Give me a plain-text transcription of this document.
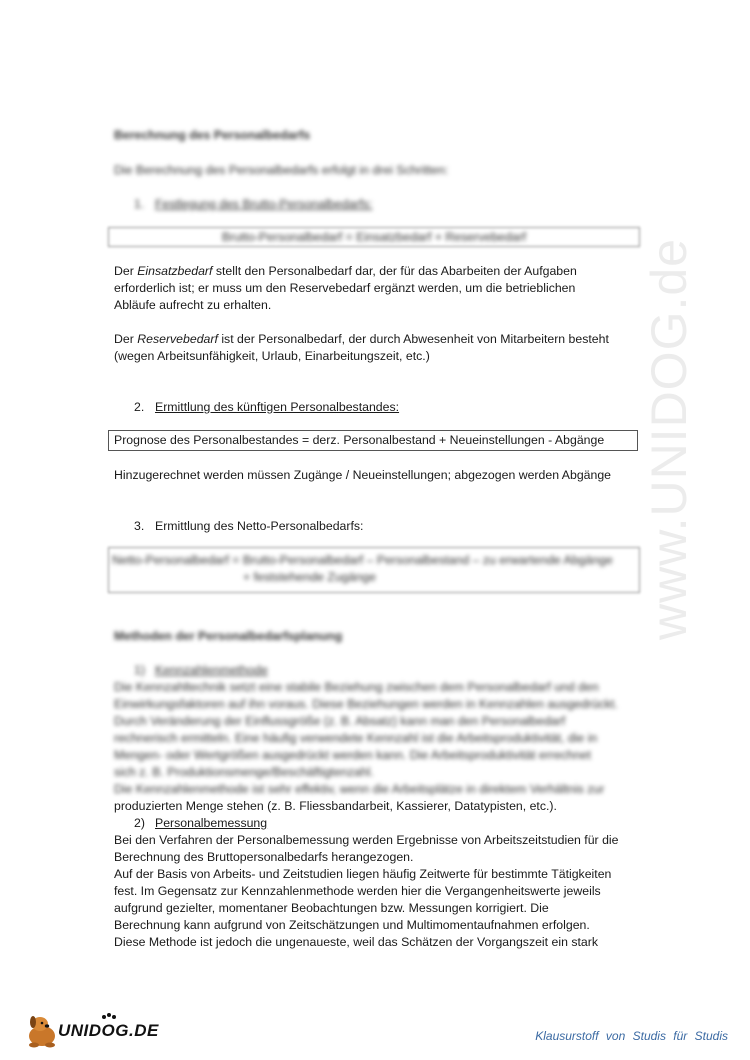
www.UNIDOG.de
Berechnung des Personalbedarfs
Die Berechnung des Personalbedarfs erfolgt in drei Schritten:
1. Festlegung des Brutto-Personalbedarfs:
Brutto-Personalbedarf = Einsatzbedarf + Reservebedarf
Der Einsatzbedarf stellt den Personalbedarf dar, der für das Abarbeiten der Aufgaben
erforderlich ist; er muss um den Reservebedarf ergänzt werden, um die betrieblichen
Abläufe aufrecht zu erhalten.
Der Reservebedarf ist der Personalbedarf, der durch Abwesenheit von Mitarbeitern besteht
(wegen Arbeitsunfähigkeit, Urlaub, Einarbeitungszeit, etc.)
2. Ermittlung des künftigen Personalbestandes:
Prognose des Personalbestandes = derz. Personalbestand + Neueinstellungen - Abgänge
Hinzugerechnet werden müssen Zugänge / Neueinstellungen; abgezogen werden Abgänge
3. Ermittlung des Netto-Personalbedarfs:
Netto-Personalbedarf = Brutto-Personalbedarf – Personalbestand – zu erwartende Abgänge
+ feststehende Zugänge
Methoden der Personalbedarfsplanung
1) Kennzahlenmethode
Die Kennzahltechnik setzt eine stabile Beziehung zwischen dem Personalbedarf und den
Einwirkungsfaktoren auf ihn voraus. Diese Beziehungen werden in Kennzahlen ausgedrückt.
Durch Veränderung der Einflussgröße (z. B. Absatz) kann man den Personalbedarf
rechnerisch ermitteln. Eine häufig verwendete Kennzahl ist die Arbeitsproduktivität, die in
Mengen- oder Wertgrößen ausgedrückt werden kann. Die Arbeitsproduktivität errechnet
sich z. B. Produktionsmenge/Beschäftigtenzahl.
Die Kennzahlenmethode ist sehr effektiv, wenn die Arbeitsplätze in direktem Verhältnis zur
produzierten Menge stehen (z. B. Fliessbandarbeit, Kassierer, Datatypisten, etc.).
2) Personalbemessung
Bei den Verfahren der Personalbemessung werden Ergebnisse von Arbeitszeitstudien für die
Berechnung des Bruttopersonalbedarfs herangezogen.
Auf der Basis von Arbeits- und Zeitstudien liegen häufig Zeitwerte für bestimmte Tätigkeiten
fest. Im Gegensatz zur Kennzahlenmethode werden hier die Vergangenheitswerte jeweils
aufgrund gezielter, momentaner Beobachtungen bzw. Messungen korrigiert. Die
Berechnung kann aufgrund von Zeitschätzungen und Multimomentaufnahmen erfolgen.
Diese Methode ist jedoch die ungenaueste, weil das Schätzen der Vorgangszeit ein stark
UNIDOG.DE	Klausurstoff von Studis für Studis
